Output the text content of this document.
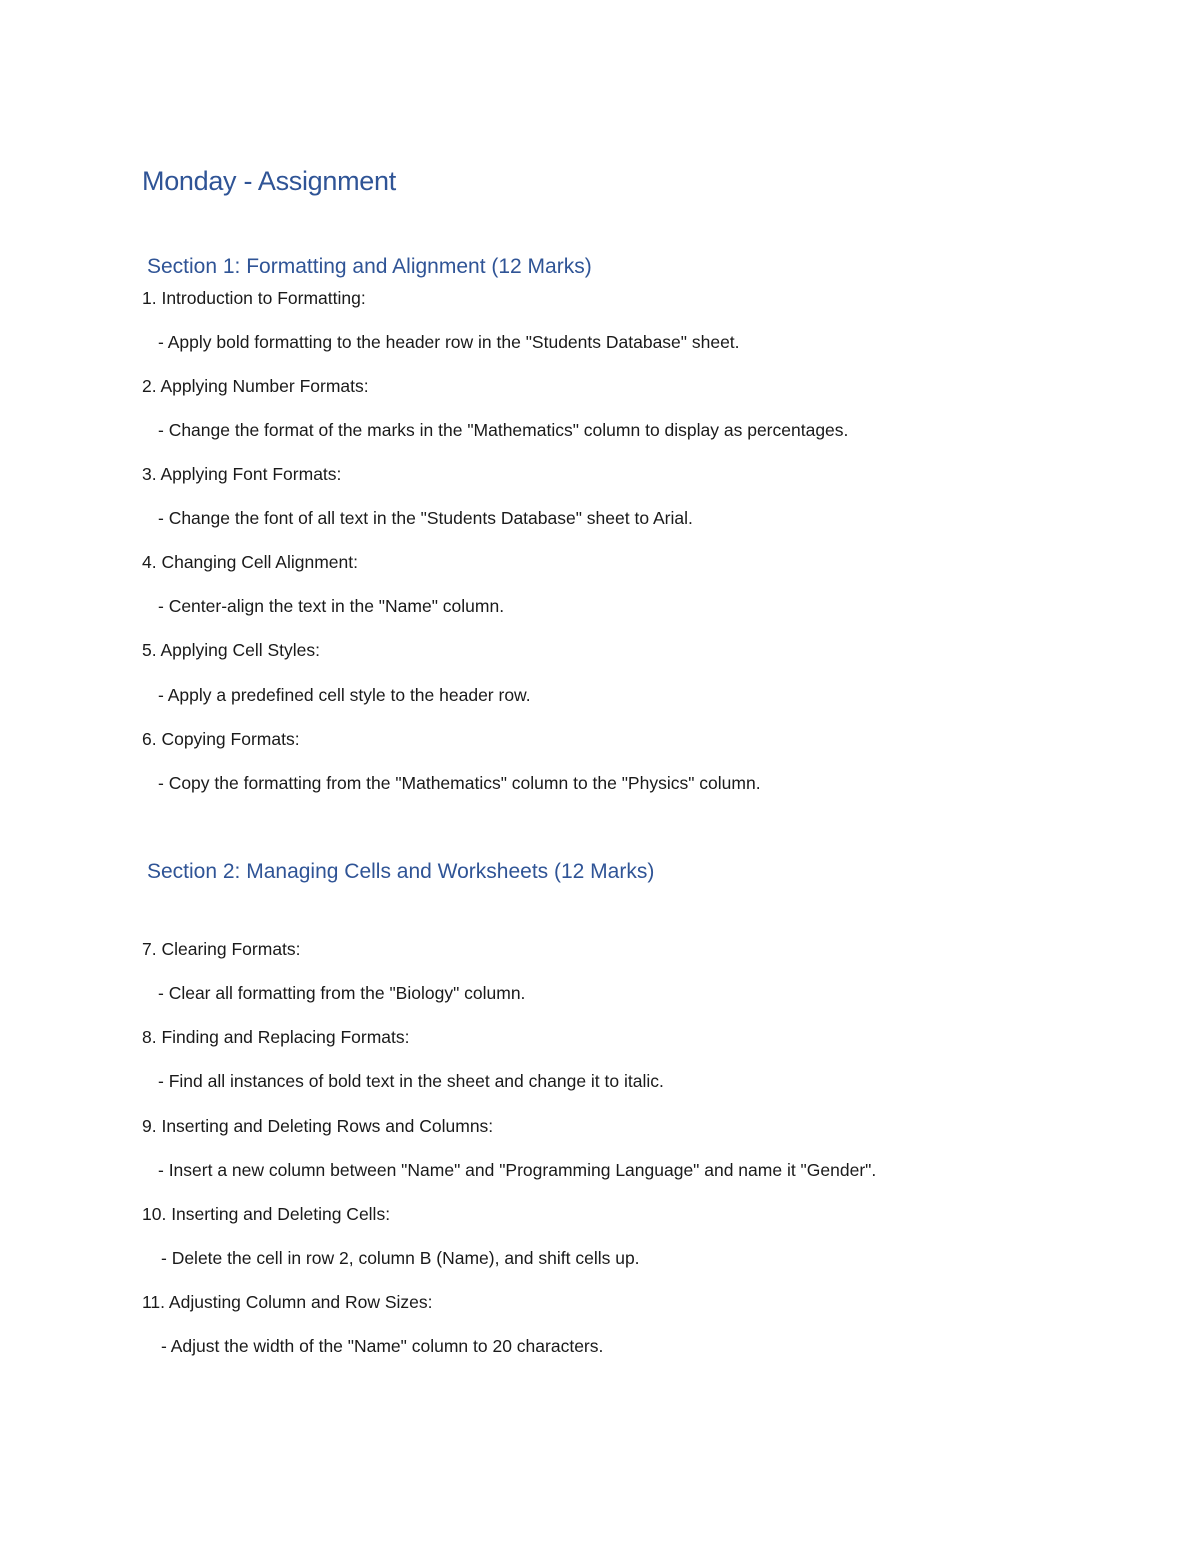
Monday - Assignment
Section 1: Formatting and Alignment (12 Marks)
1. Introduction to Formatting:
- Apply bold formatting to the header row in the "Students Database" sheet.
2. Applying Number Formats:
- Change the format of the marks in the "Mathematics" column to display as percentages.
3. Applying Font Formats:
- Change the font of all text in the "Students Database" sheet to Arial.
4. Changing Cell Alignment:
- Center-align the text in the "Name" column.
5. Applying Cell Styles:
- Apply a predefined cell style to the header row.
6. Copying Formats:
- Copy the formatting from the "Mathematics" column to the "Physics" column.
Section 2: Managing Cells and Worksheets (12 Marks)
7. Clearing Formats:
- Clear all formatting from the "Biology" column.
8. Finding and Replacing Formats:
- Find all instances of bold text in the sheet and change it to italic.
9. Inserting and Deleting Rows and Columns:
- Insert a new column between "Name" and "Programming Language" and name it "Gender".
10. Inserting and Deleting Cells:
- Delete the cell in row 2, column B (Name), and shift cells up.
11. Adjusting Column and Row Sizes:
- Adjust the width of the "Name" column to 20 characters.
